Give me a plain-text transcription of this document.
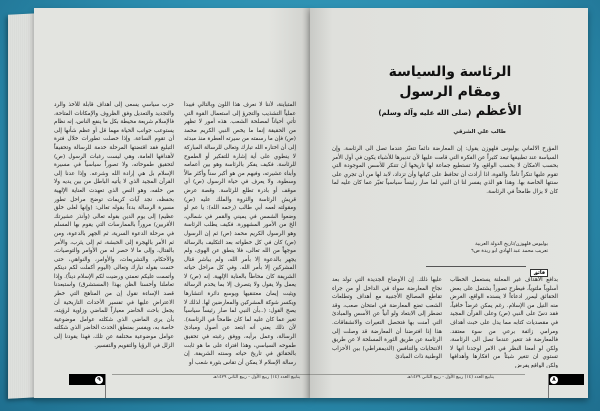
المتباينة، لأننا لا نعرف هذا اللون وبالتالي فيبدأ عملياً التشذيب والتجرؤ إلى استعمال القوة التي تأتي أحياناً لمصلحة الشعب. هذه أمور لا تظهر من الحقيقة إنما ما يخص النبي الكريم محمد (ص) فإن ما رسمته من سيرته العطرة منذ مبدئه إلى أن اختاره الله تبارك وتعالى للرسالة المباركة لا ينطوي على أية إشارة للتفكير أو الطموح للرئاسة. فكيف يفكر بالرئاسة وهو بين أعمامه وأبناء عشيرته، وفيهم من هو أكبر سناً وأكثر مالاً وسطوة. ولا يعرف في حياة الرسول (ص) أي موقف أو بادرة تطلع للرئاسة. وقصة عرض قريش الرئاسة والثروة والملك عليه (ص) ومقولته لعمه أبي طالب (رحمه الله): يا عم لو وضعوا الشمس في يميني والقمر في شمالي، الخ من الأمور المشهورة. فكيف يطلب الرئاسة وهو الرسول الكريم محمد (ص) ثم إن الرسول (ص) كان في كل خطواته بعد التكليف بالرسالة موجهاً من الله تعالى، فلا ينطق عن الهوى، ولم يجهر بالدعوة إلا بأمر الله، ولم يباشر قتال المشركين إلا بأمر الله. وفي كل مراحل حياته الشريفة كان محاطاً بالعناية الإلهية. إنه (ص) لا يعمل ولا يقول ولا يتصرف إلا بما يخدم الرسالة ويثبت إيمان معتنقيها ويوسع دائرة انتشارها ويكسر شوكة المشركين والمعارضين لها. لذلك لا يصح القول: (..بأن النبي لما صار رئيساً سياسياً تغير عما كان عليه لما كان طامحاً في الرئاسة). لأن ذلك يعني أنه ابتعد عن أصول ومبادئ الرسالة، وعمل برأيه، ووفق رغبته في تحقيق طموحه السياسي، وهذا افتراء على ما هو ثابت بالحقائق في تاريخ حياته وسنته الشريفة. إن رسالة الإسلام لا يمكن أن تقاس بثورة شعب أو
حزب سياسي يسعى إلى أهداف قابلة للأخذ والرد والتجديد والتعديل وفق الظروف والإمكانات المتاحة، فالإسلام شريعة محيطة بكل ما ينفع الناس، إنه نظام يستوعب جوانب الحياة مهما قل أو عظم شأنها إلى أن تقوم الساعة. وإذا حصلت تطورات خلال فترة التبليغ فقد اقتضتها المرحلة خدمة للرسالة وتحقيقاً لأهدافها العامة، وهي ليست رغبات الرسول (ص) لتحقيق طموحاته، ولا تصوراً سياسياً في مسيرة الإسلام بل هي إرادة الله وشرعه. وإذا عدنا إلى القرآن المجيد الذي لا يأتيه الباطل من بين يديه ولا من خلفه، وهو النص الذي تعهدت العناية الإلهية بحفظه، نجد آيات كريمات توضح مراحل تطور مسيرة الرسالة بدءاً بقوله تعالى: (وإنها لعلى خلق عظيم) إلى يوم الدين بقوله تعالى (وأنذر عشيرتك الأقربين) مروراً بالممارسات التي يقوم بها المسلم في مرحلة الدعوة السرية، ثم الجهر بالدعوة، ومن ثم الأمر بالهجرة إلى الحبشة، ثم إلى يثرب، والأمر بالقتال، وإلى ما لا حصر له من الأوامر والتوصيات، والأحكام، والتشريعات، والأوامر، والنواهي، حتى ختمت بقوله تبارك وتعالى (اليوم أكملت لكم دينكم وأتممت عليكم نعمتي ورضيت لكم الإسلام ديناً). وإذا تعاملنا وأحسنا الظن بهذا (المستشرق) واستبعدنا قصد الإساءة نقول إن من المناهج التي خطر الاعتراض عليها في تفسير الأحداث التاريخية أن يجعل باحث الحاضر معياراً للماضي وزاوية لرؤيته، بأن يرى الماضي الذي شكلته عوامل موضوعية خاصة به، ويفسر بمنطق الحدث الحاضر الذي شكلته عوامل موضوعية مختلفة عن تلك، فهذا يقودنا إلى الزلل في الرؤيا والتقويم والتفسير.
ينابيع العدد (١٤) ربيع الأول - ربيع الثاني ١٤٢٩هـ
٩
الرئاسة والسياسة
ومقام الرسول
الأعظم (صلى الله عليه وآله وسلم)
طالب علي الشرقي
المؤرخ الالماني يوليوس فلهوزن يقول: إن المعارضة دائماً تتغيّر عندما تصل الى الرئاسة. وإن السياسة عند تطبيقها تبعد كثيراً عن الفكرة التي قامت عليها لأن تدبيرها للأشياء يكون في أول الأمر بحسب الامكان لا بحسب الواقع، ولا تستطيع جماعة لها تاريخها أن تتنكر للأسس الموجودة التي تقوم عليها تنكراً تاماً. والقوة، اذا أرادت أن تحافظ على كيانها وأن تزداد، لابد لها من أن تجري على سنتها الخاصة بها. وهذا هو الذي يفسر لنا ان النبي لما صار رئيساً سياسياً تغيّر عما كان عليه لما كان لا يزال طامحاً في الرئاسة.
يوليوس فلهوزن/تاريخ الدولة العربية
تعريب محمد عبد الهادي ابو ريدة ص٦
فائق
بدافع الاهداف غير المعلنة يستعمل الخطاب أسلوباً ملتوياً، فيطرح تصوراً يشتمل على بعض الحقائق ليمرر ادعاءاً لا يسنده الواقع، الغرض منه النيل من الإسلام. رغم يمكن غرضاً خافياً، فقد دسّ على النبي (ص) وعلى القرآن المجيد في مقصديات كتابه مما يدل على خبث أهداف ومرامي زائفة برعي من سوء معتقد. فالمعارضة قد تتغير عندما تصل الى الرئاسة، ولكن لو أمعنا النظر في الامر لوجدنا انها لا تستوي ان تتغير شيئاً من افكارها وأهدافها ولكن الواقع يفرض
عليها ذلك. إن الأوضاع الجديدة التي تولد بعد نجاح المعارضة سواء في الداخل أو من جراء تقاطع المصالح الأجنبية مع أهداف وتطلعات الشعب تضع المعارضة في امتحان صعب، وقد تضطر إلى الابتعاد ولو آنياً عن الأسس والمبادئ التي آمنت بها فتحصل التغيرات والانشقاقات. هذا إذا افترضنا أن المعارضة قد وصلت إلى الرئاسة عن طريق الثورة المسلحة لا عن طريق الانتخابات والتنافس (الديمقراطي) بين الأحزاب الوطنية ذات المبادئ
ينابيع العدد (١٤) ربيع الأول - ربيع الثاني ١٤٢٩هـ	٨
